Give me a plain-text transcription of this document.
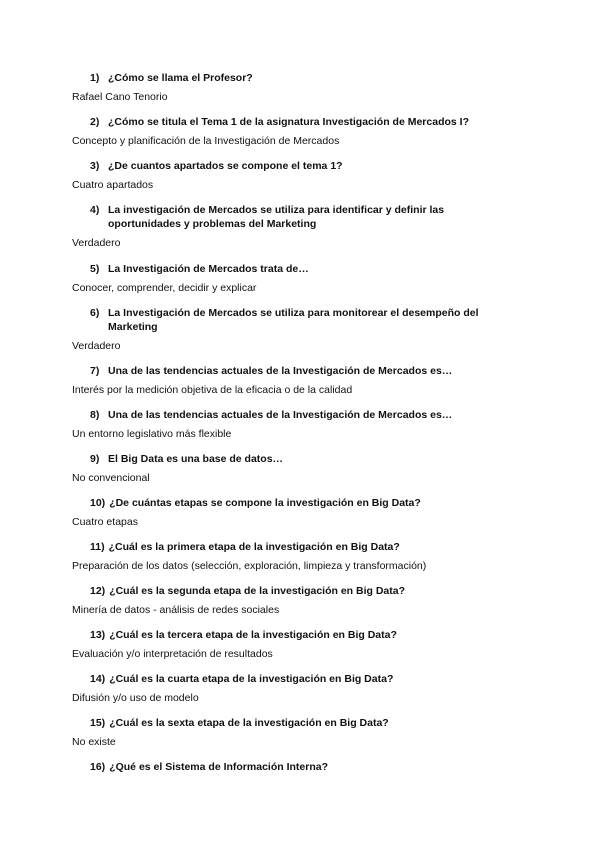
1) ¿Cómo se llama el Profesor?
Rafael Cano Tenorio
2) ¿Cómo se titula el Tema 1 de la asignatura Investigación de Mercados I?
Concepto y planificación de la Investigación de Mercados
3) ¿De cuantos apartados se compone el tema 1?
Cuatro apartados
4) La investigación de Mercados se utiliza para identificar y definir las oportunidades y problemas del Marketing
Verdadero
5) La Investigación de Mercados trata de…
Conocer, comprender, decidir y explicar
6) La Investigación de Mercados se utiliza para monitorear el desempeño del Marketing
Verdadero
7) Una de las tendencias actuales de la Investigación de Mercados es…
Interés por la medición objetiva de la eficacia o de la calidad
8) Una de las tendencias actuales de la Investigación de Mercados es…
Un entorno legislativo más flexible
9) El Big Data es una base de datos…
No convencional
10) ¿De cuántas etapas se compone la investigación en Big Data?
Cuatro etapas
11) ¿Cuál es la primera etapa de la investigación en Big Data?
Preparación de los datos (selección, exploración, limpieza y transformación)
12) ¿Cuál es la segunda etapa de la investigación en Big Data?
Minería de datos - análisis de redes sociales
13) ¿Cuál es la tercera etapa de la investigación en Big Data?
Evaluación y/o interpretación de resultados
14) ¿Cuál es la cuarta etapa de la investigación en Big Data?
Difusión y/o uso de modelo
15) ¿Cuál es la sexta etapa de la investigación en Big Data?
No existe
16) ¿Qué es el Sistema de Información Interna?
